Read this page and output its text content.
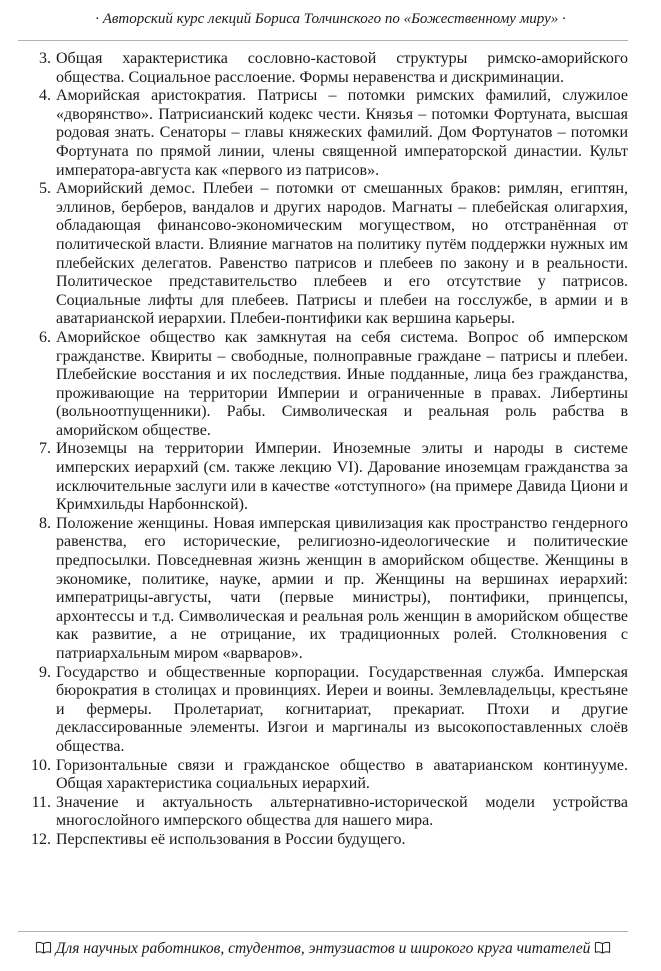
· Авторский курс лекций Бориса Толчинского по «Божественному миру» ·
3. Общая характеристика сословно-кастовой структуры римско-аморийского общества. Социальное расслоение. Формы неравенства и дискриминации.
4. Аморийская аристократия. Патрисы – потомки римских фамилий, служилое «дворянство». Патрисианский кодекс чести. Князья – потомки Фортуната, высшая родовая знать. Сенаторы – главы княжеских фамилий. Дом Фортунатов – потомки Фортуната по прямой линии, члены священной императорской династии. Культ императора-августа как «первого из патрисов».
5. Аморийский демос. Плебеи – потомки от смешанных браков: римлян, египтян, эллинов, берберов, вандалов и других народов. Магнаты – плебейская олигархия, обладающая финансово-экономическим могуществом, но отстранённая от политической власти. Влияние магнатов на политику путём поддержки нужных им плебейских делегатов. Равенство патрисов и плебеев по закону и в реальности. Политическое представительство плебеев и его отсутствие у патрисов. Социальные лифты для плебеев. Патрисы и плебеи на госслужбе, в армии и в аватарианской иерархии. Плебеи-понтифики как вершина карьеры.
6. Аморийское общество как замкнутая на себя система. Вопрос об имперском гражданстве. Квириты – свободные, полноправные граждане – патрисы и плебеи. Плебейские восстания и их последствия. Иные подданные, лица без гражданства, проживающие на территории Империи и ограниченные в правах. Либертины (вольноотпущенники). Рабы. Символическая и реальная роль рабства в аморийском обществе.
7. Иноземцы на территории Империи. Иноземные элиты и народы в системе имперских иерархий (см. также лекцию VI). Дарование иноземцам гражданства за исключительные заслуги или в качестве «отступного» (на примере Давида Циони и Кримхильды Нарбоннской).
8. Положение женщины. Новая имперская цивилизация как пространство гендерного равенства, его исторические, религиозно-идеологические и политические предпосылки. Повседневная жизнь женщин в аморийском обществе. Женщины в экономике, политике, науке, армии и пр. Женщины на вершинах иерархий: императрицы-августы, чати (первые министры), понтифики, принцепсы, архонтессы и т.д. Символическая и реальная роль женщин в аморийском обществе как развитие, а не отрицание, их традиционных ролей. Столкновения с патриархальным миром «варваров».
9. Государство и общественные корпорации. Государственная служба. Имперская бюрократия в столицах и провинциях. Иереи и воины. Землевладельцы, крестьяне и фермеры. Пролетариат, когнитариат, прекариат. Птохи и другие деклассированные элементы. Изгои и маргиналы из высокопоставленных слоёв общества.
10. Горизонтальные связи и гражданское общество в аватарианском континууме. Общая характеристика социальных иерархий.
11. Значение и актуальность альтернативно-исторической модели устройства многослойного имперского общества для нашего мира.
12. Перспективы её использования в России будущего.
Для научных работников, студентов, энтузиастов и широкого круга читателей
